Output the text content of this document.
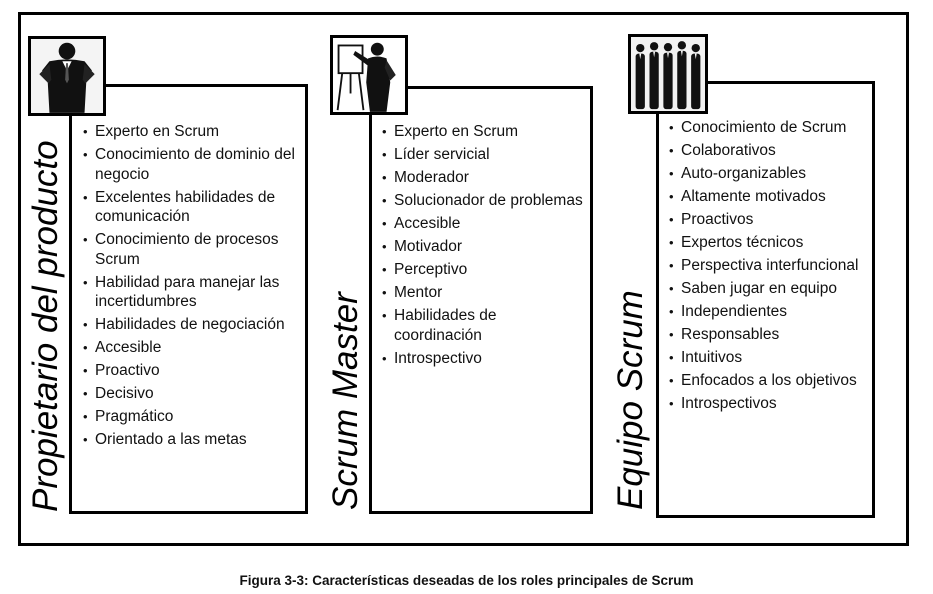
• Experto en Scrum
• Conocimiento de dominio del negocio
• Excelentes habilidades de comunicación
• Conocimiento de procesos Scrum
• Habilidad para manejar las incertidumbres
• Habilidades de negociación
• Accesible
• Proactivo
• Decisivo
• Pragmático
• Orientado a las metas
Propietario del producto
• Experto en Scrum
• Líder servicial
• Moderador
• Solucionador de problemas
• Accesible
• Motivador
• Perceptivo
• Mentor
• Habilidades de coordinación
• Introspectivo
Scrum Master
• Conocimiento de Scrum
• Colaborativos
• Auto-organizables
• Altamente motivados
• Proactivos
• Expertos técnicos
• Perspectiva interfuncional
• Saben jugar en equipo
• Independientes
• Responsables
• Intuitivos
• Enfocados a los objetivos
• Introspectivos
Equipo Scrum
Figura 3-3: Características deseadas de los roles principales de Scrum
